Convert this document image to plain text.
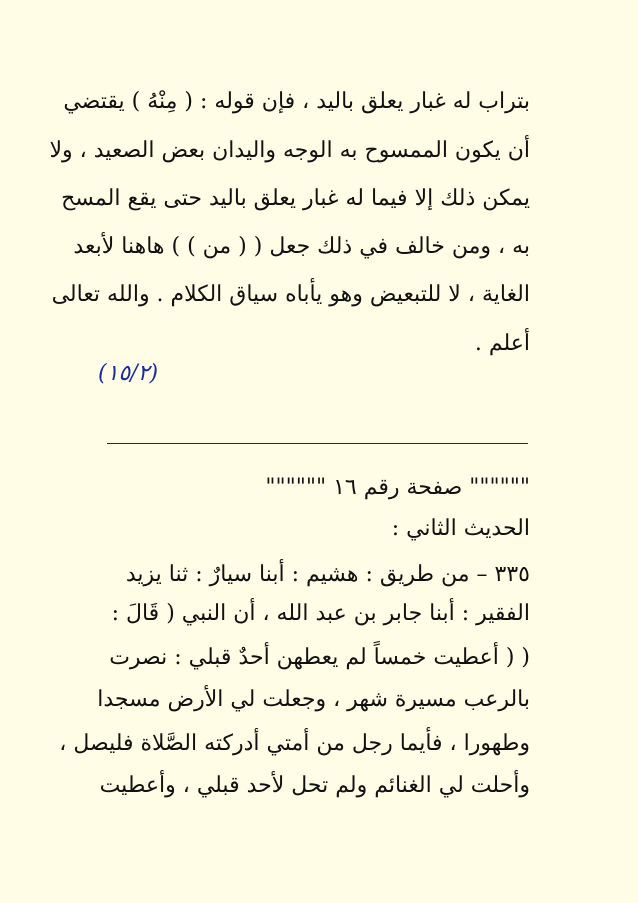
بتراب له غبار يعلق باليد ، فإن قوله : ( مِنْهُ ) يقتضي
أن يكون الممسوح به الوجه واليدان بعض الصعيد ، ولا
يمكن ذلك إلا فيما له غبار يعلق باليد حتى يقع المسح
به ، ومن خالف في ذلك جعل ( ( من ) ) هاهنا لأبعد
الغاية ، لا للتبعيض وهو يأباه سياق الكلام . والله تعالى
أعلم .
(١٥/٢)
"""""" صفحة رقم ١٦ """"""
الحديث الثاني :
٣٣٥ – من طريق : هشيم : أبنا سيارٌ : ثنا يزيد
الفقير : أبنا جابر بن عبد الله ، أن النبي ( قَالَ :
( ( أعطيت خمساً لم يعطهن أحدٌ قبلي : نصرت
بالرعب مسيرة شهر ، وجعلت لي الأرض مسجدا
وطهورا ، فأيما رجل من أمتي أدركته الصَّلاة فليصل ،
وأحلت لي الغنائم ولم تحل لأحد قبلي ، وأعطيت
